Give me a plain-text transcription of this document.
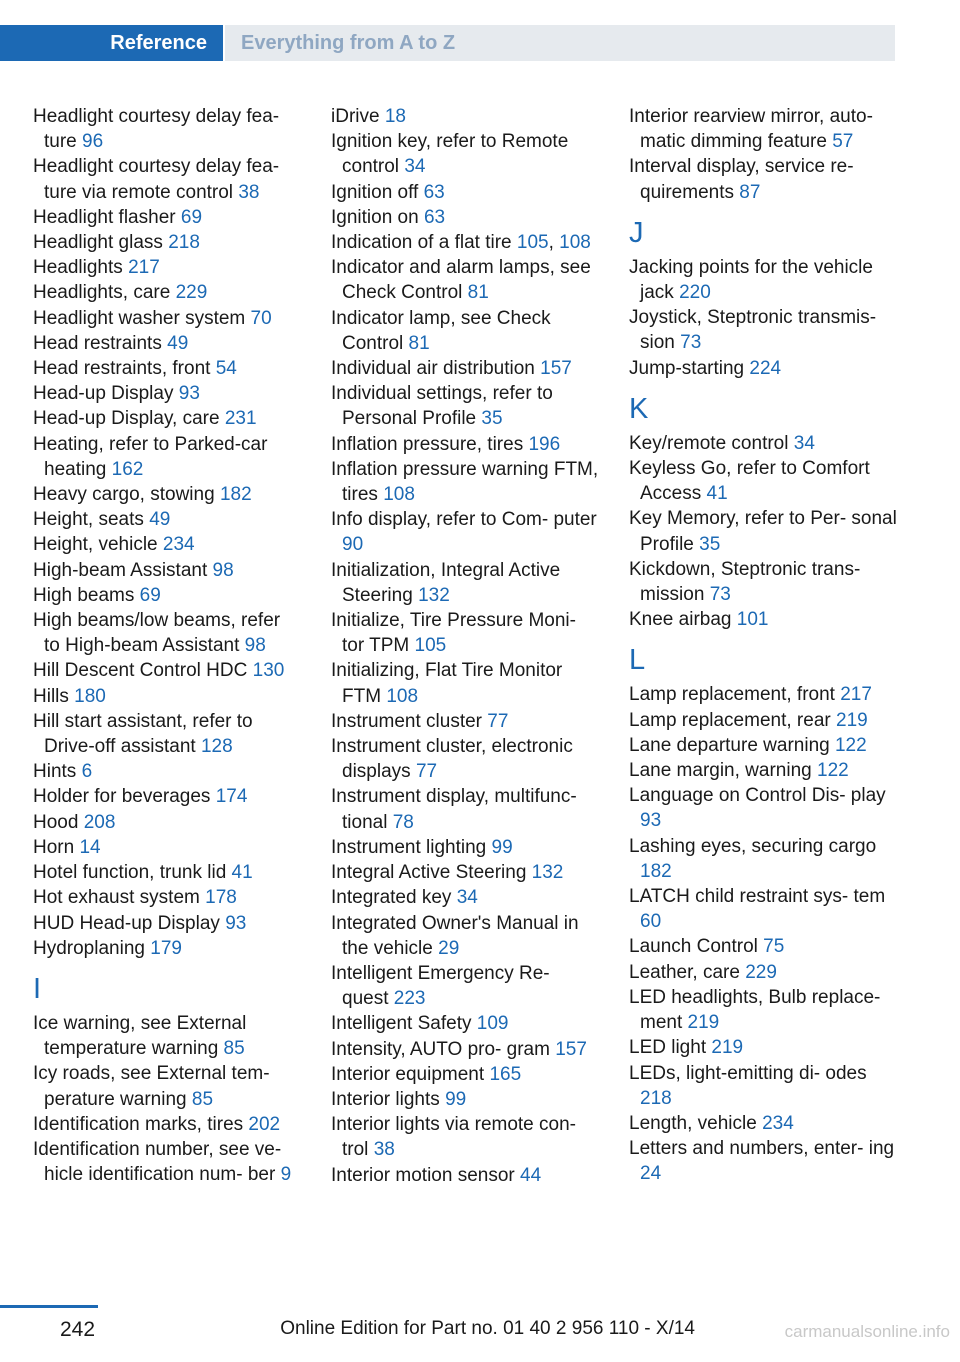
Reference	Everything from A to Z
Headlight courtesy delay fea- ture 96
Headlight courtesy delay fea- ture via remote control 38
Headlight flasher 69
Headlight glass 218
Headlights 217
Headlights, care 229
Headlight washer system 70
Head restraints 49
Head restraints, front 54
Head-up Display 93
Head-up Display, care 231
Heating, refer to Parked-car heating 162
Heavy cargo, stowing 182
Height, seats 49
Height, vehicle 234
High-beam Assistant 98
High beams 69
High beams/low beams, refer to High-beam Assistant 98
Hill Descent Control HDC 130
Hills 180
Hill start assistant, refer to Drive-off assistant 128
Hints 6
Holder for beverages 174
Hood 208
Horn 14
Hotel function, trunk lid 41
Hot exhaust system 178
HUD Head-up Display 93
Hydroplaning 179
I
Ice warning, see External temperature warning 85
Icy roads, see External tem- perature warning 85
Identification marks, tires 202
Identification number, see ve- hicle identification num- ber 9
iDrive 18
Ignition key, refer to Remote control 34
Ignition off 63
Ignition on 63
Indication of a flat tire 105, 108
Indicator and alarm lamps, see Check Control 81
Indicator lamp, see Check Control 81
Individual air distribution 157
Individual settings, refer to Personal Profile 35
Inflation pressure, tires 196
Inflation pressure warning FTM, tires 108
Info display, refer to Com- puter 90
Initialization, Integral Active Steering 132
Initialize, Tire Pressure Moni- tor TPM 105
Initializing, Flat Tire Monitor FTM 108
Instrument cluster 77
Instrument cluster, electronic displays 77
Instrument display, multifunc- tional 78
Instrument lighting 99
Integral Active Steering 132
Integrated key 34
Integrated Owner's Manual in the vehicle 29
Intelligent Emergency Re- quest 223
Intelligent Safety 109
Intensity, AUTO pro- gram 157
Interior equipment 165
Interior lights 99
Interior lights via remote con- trol 38
Interior motion sensor 44
Interior rearview mirror, auto- matic dimming feature 57
Interval display, service re- quirements 87
J
Jacking points for the vehicle jack 220
Joystick, Steptronic transmis- sion 73
Jump-starting 224
K
Key/remote control 34
Keyless Go, refer to Comfort Access 41
Key Memory, refer to Per- sonal Profile 35
Kickdown, Steptronic trans- mission 73
Knee airbag 101
L
Lamp replacement, front 217
Lamp replacement, rear 219
Lane departure warning 122
Lane margin, warning 122
Language on Control Dis- play 93
Lashing eyes, securing cargo 182
LATCH child restraint sys- tem 60
Launch Control 75
Leather, care 229
LED headlights, Bulb replace- ment 219
LED light 219
LEDs, light-emitting di- odes 218
Length, vehicle 234
Letters and numbers, enter- ing 24
242	Online Edition for Part no. 01 40 2 956 110 - X/14	carmanualsonline.info
